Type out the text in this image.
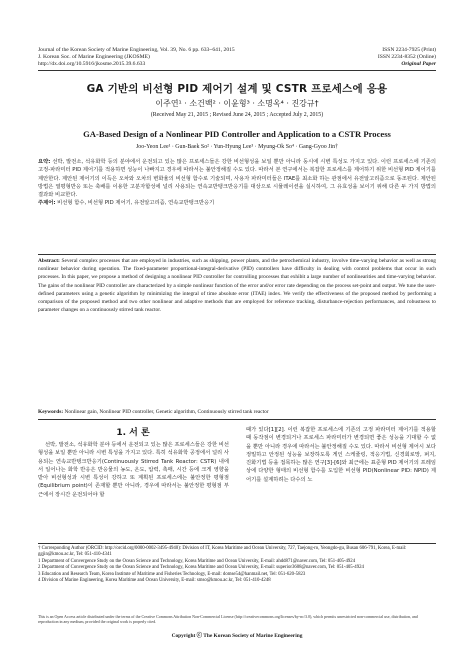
Journal of the Korean Society of Marine Engineering, Vol. 39, No. 6 pp. 633~641, 2015
J. Korean Soc. of Marine Engineering (JKOSME)
http://dx.doi.org/10.5916/jkosme.2015.39.6.633
ISSN 2234-7925 (Print)
ISSN 2234-8352 (Online)
Original Paper
GA 기반의 비선형 PID 제어기 설계 및 CSTR 프로세스에 응용
이주연¹ · 소건백² · 이윤형³ · 소명옥⁴ · 진강규†
(Received May 21, 2015 ; Revised June 24, 2015 ; Accepted July 2, 2015)
GA-Based Design of a Nonlinear PID Controller and Application to a CSTR Process
Joo-Yeon Lee¹ · Gun-Baek So² · Yun-Hyung Lee³ · Myung-Ok So⁴ · Gang-Gyoo Jin†
요약: 선박, 발전소, 석유화학 등의 분야에서 운전되고 있는 많은 프로세스들은 강한 비선형성을 보일 뿐만 아니라 동시에 시변 특성도 가지고 있다. 이런 프로세스에 기존의 고정-파라미터 PID 제어기를 적용하면 성능이 나빠지고 경우에 따라서는 불안정해질 수도 있다. 따라서 본 연구에서는 복잡한 프로세스를 제어하기 위한 비선형 PID 제어기를 제안한다. 제안된 제어기의 이득은 오차와 오차의 변화율의 비선형 함수로 기술되며, 사용자 파라미터들은 ITAE를 최소화 하는 관점에서 유전알고리즘으로 동조된다. 제안된 방법은 열평형반응 또는 축배를 이용한 고분자합성에 널리 사용되는 연속교반탱크반응기를 대상으로 시뮬레이션을 실시하여, 그 유효성을 보이기 위해 다른 두 가지 방법의 결과와 비교한다.
주제어: 비선형 함수, 비선형 PID 제어기, 유전알고리즘, 연속교반탱크반응기
Abstract: Several complex processes that are employed in industries, such as shipping, power plants, and the petrochemical industry, involve time-varying behavior as well as strong nonlinear behavior during operation. The fixed-parameter proportional-integral-derivative (PID) controllers have difficulty in dealing with control problems that occur in such processes. In this paper, we propose a method of designing a nonlinear PID controller for controlling processes that exhibit a large number of nonlinearities and time-varying behavior. The gains of the nonlinear PID controller are characterized by a simple nonlinear function of the error and/or error rate depending on the process set-point and output. We tune the user-defined parameters using a genetic algorithm by minimizing the integral of time absolute error (ITAE) index. We verify the effectiveness of the proposed method by performing a comparison of the proposed method and two other nonlinear and adaptive methods that are employed for reference tracking, disturbance-rejection performances, and robustness to parameter changes on a continuously stirred tank reactor.
Keywords: Nonlinear gain, Nonlinear PID controller, Genetic algorithm, Continuously stirred tank reactor
1. 서 론
선박, 발전소, 석유화학 분야 등에서 운전되고 있는 많은 프로세스들은 강한 비선형성을 보일 뿐만 아니라 시변 특성을 가지고 있다. 특히 석유화학 공정에서 널리 사용되는 연속교반탱크반응기(Continuously Stirred Tank Reactor: CSTR) 내에서 일어나는 화학 반응은 반응물의 농도, 온도, 압력, 촉매, 시간 등에 크게 영향을 받아 비선형성과 시변 특성이 강하고 또 계획된 프로세스에는 불안정한 평형점(Equilibrium point)이 존재할 뿐만 아니라, 경우에 따라서는 불안정한 평형점 부근에서 장시간 운전되어야 할
때가 있다[1][2]. 이런 복잡한 프로세스에 기존의 고정 파라미터 제어기를 적용할 때 동작점이 변경되거나 프로세스 파라미터가 변경되면 좋은 성능을 기대할 수 없을 뿐만 아니라 경우에 따라서는 불안정해질 수도 있다. 따라서 비선형 제어시 보다 정밀하고 안정된 성능을 보장하도록 게인 스케줄링, 적응기법, 신경회로망, 퍼지, 진화기법 등을 접목하는 많은 연구[3]-[6]와 최근에는 표준형 PID 제어기의 프레임 상에 다양한 형태의 비선형 함수를 도입한 비선형 PID(Nonlinear PID: NPID) 제어기를 설계하려는 다수의 노
† Corresponding Author (ORCID: http://orcid.org/0000-0002-3495-4940): Division of IT, Korea Maritime and Ocean University, 727, Taejong-ro, Yeongdo-gu, Busan 606-791, Korea, E-mail: ggjin@kmou.ac.kr, Tel: 051-410-4341
1 Department of Convergence Study on the Ocean Science and Technology, Korea Maritime and Ocean University, E-mail: ahdd871@naver.com, Tel: 051-405-4924
2 Department of Convergence Study on the Ocean Science and Technology, Korea Maritime and Ocean University, E-mail: superior3608@naver.com, Tel: 051-405-4924
3 Education and Research Team, Korea Institute of Maritime and Fisheries Technology, E-mail: domse54@hanmail.net, Tel: 051-620-5823
4 Division of Marine Engineering, Korea Maritime and Ocean University, E-mail: smso@kmou.ac.kr, Tel: 051-410-4248
This is an Open Access article distributed under the terms of the Creative Commons Attribution Non-Commercial License (http://creativecommons.org/licenses/by-nc/3.0), which permits unrestricted non-commercial use, distribution, and reproduction in any medium, provided the original work is properly cited.
Copyright ⓒ The Korean Society of Marine Engineering
